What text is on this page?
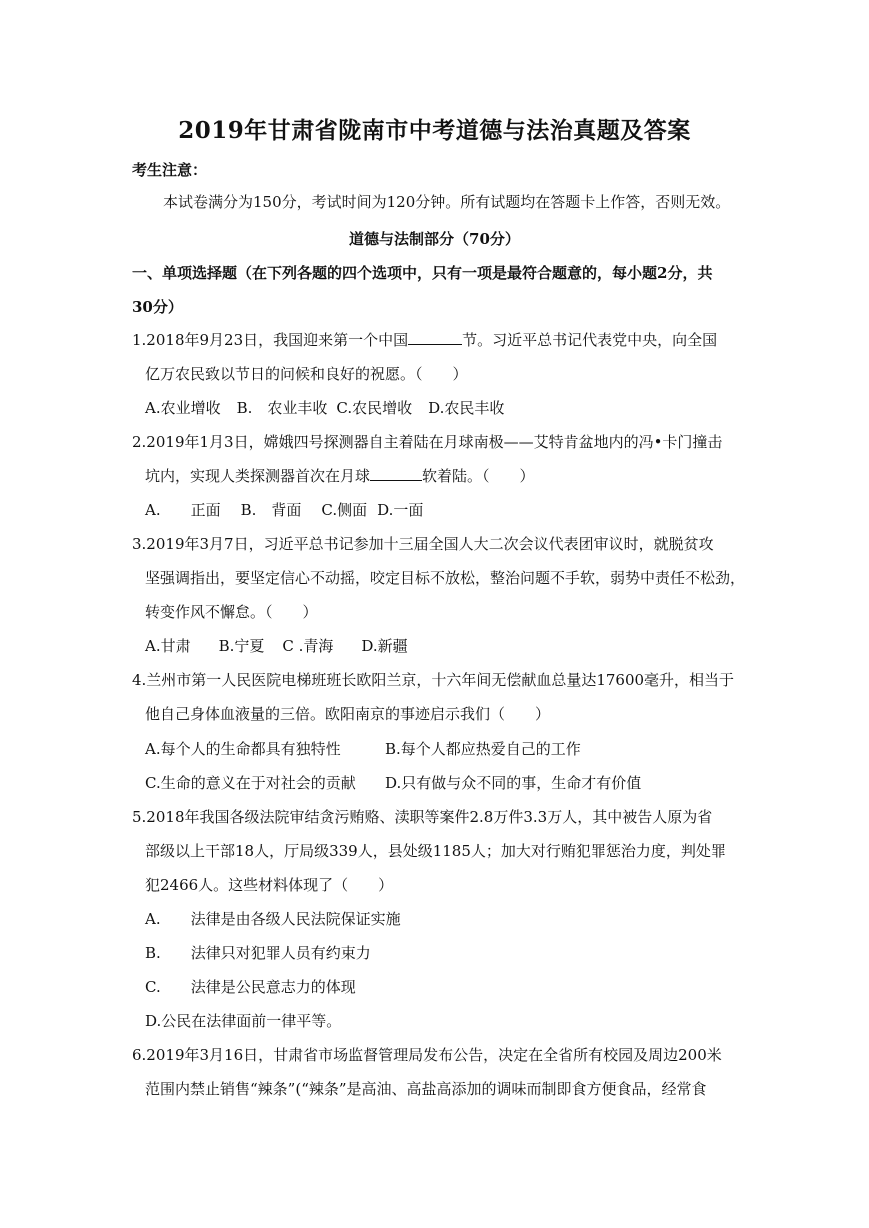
2019年甘肃省陇南市中考道德与法治真题及答案
考生注意：
本试卷满分为150分，考试时间为120分钟。所有试题均在答题卡上作答，否则无效。
道德与法制部分（70分）
一、单项选择题（在下列各题的四个选项中，只有一项是最符合题意的，每小题2分，共
30分）
1.2018年9月23日，我国迎来第一个中国	节。习近平总书记代表党中央，向全国
亿万农民致以节日的问候和良好的祝愿。（　　）
A.农业增收 B.　农业丰收 C.农民增收 D.农民丰收
2.2019年1月3日，嫦娥四号探测器自主着陆在月球南极——艾特肯盆地内的冯•卡门撞击
坑内，实现人类探测器首次在月球	软着陆。（　　）
A. 正面 B.　背面 C.侧面 D.一面
3.2019年3月7日，习近平总书记参加十三届全国人大二次会议代表团审议时，就脱贫攻
坚强调指出，要坚定信心不动摇，咬定目标不放松，整治问题不手软，弱势中责任不松劲，
转变作风不懈怠。（　　）
A.甘肃 B.宁夏 C .青海 D.新疆
4.兰州市第一人民医院电梯班班长欧阳兰京，十六年间无偿献血总量达17600毫升，相当于
他自己身体血液量的三倍。欧阳南京的事迹启示我们（　　）
A.每个人的生命都具有独特性	B.每个人都应热爱自己的工作
C.生命的意义在于对社会的贡献 D.只有做与众不同的事，生命才有价值
5.2018年我国各级法院审结贪污贿赂、渎职等案件2.8万件3.3万人，其中被告人原为省
部级以上干部18人，厅局级339人，县处级1185人；加大对行贿犯罪惩治力度，判处罪
犯2466人。这些材料体现了（　　）
A. 法律是由各级人民法院保证实施
B. 法律只对犯罪人员有约束力
C. 法律是公民意志力的体现
D.公民在法律面前一律平等。
6.2019年3月16日，甘肃省市场监督管理局发布公告，决定在全省所有校园及周边200米
范围内禁止销售“辣条”(“辣条”是高油、高盐高添加的调味而制即食方便食品，经常食
